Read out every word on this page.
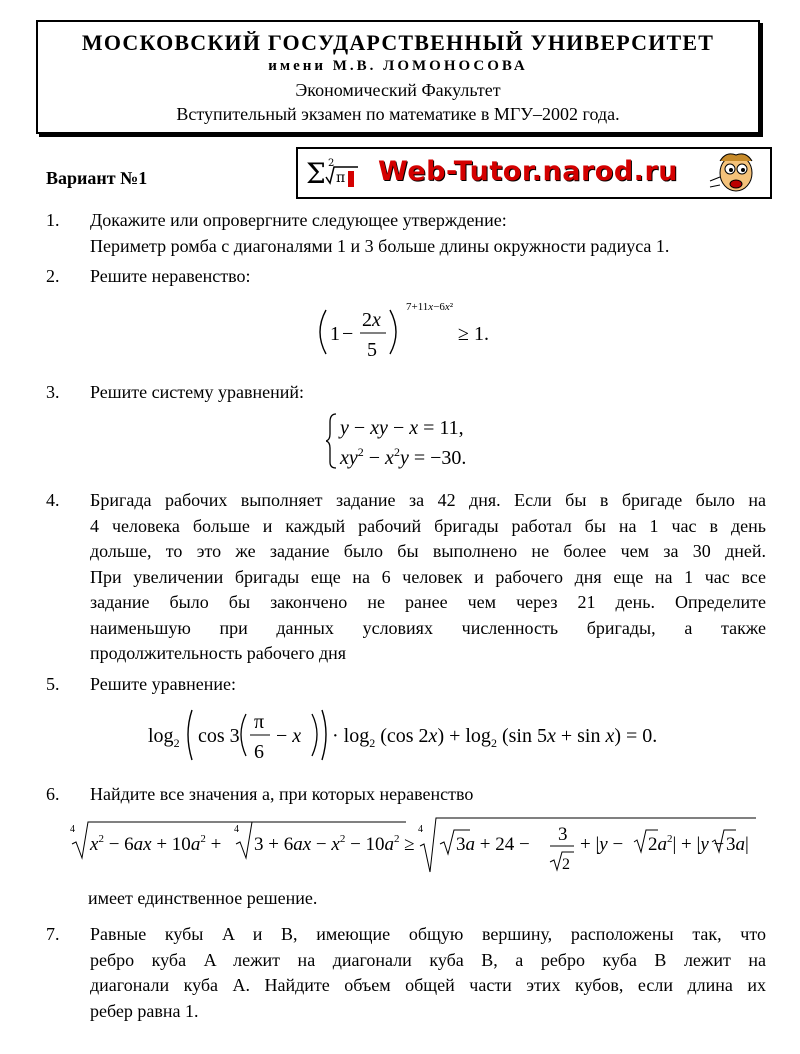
МОСКОВСКИЙ ГОСУДАРСТВЕННЫЙ УНИВЕРСИТЕТ
имени М.В. ЛОМОНОСОВА
Экономический Факультет
Вступительный экзамен по математике в МГУ–2002 года.
Вариант №1	Σ 2
π Web-Tutor.narod.ru
1.	Докажите или опровергните следующее утверждение:
Периметр ромба с диагоналями 1 и 3 больше длины окружности радиуса 1.
2.	Решите неравенство:
1 −
2x
5
7+11x−6x²
≥ 1.
3.	Решите систему уравнений:
y − xy − x = 11,
$xy^2 - x^2y = -30$.
4.	Бригада рабочих выполняет задание за 42 дня. Если бы в бригаде было на
4 человека больше и каждый рабочий бригады работал бы на 1 час в день
дольше, то это же задание было бы выполнено не более чем за 30 дней.
При увеличении бригады еще на 6 человек и рабочего дня еще на 1 час все
задание было бы закончено не ранее чем через 21 день. Определите
наименьшую при данных условиях численность бригады, а также
продолжительность рабочего дня
5.	Решите уравнение:
$\log_2 \cos 3$
π
6
− $x \cdot \log_2 (\cos$ $2x) + \log_2 (\sin$ 5x + sin x) = 0.
6.	Найдите все значения a, при которых неравенство
4
$x^2 - 6ax + 10a^2$ +
4
$3 + 6ax - x^2 - 10a^2$ ≥
4
3a + 24 − 3
2
+ $|y - 2a^2| + |y - 3a|$
имеет единственное решение.
7.	Равные кубы A и B, имеющие общую вершину, расположены так, что
ребро куба A лежит на диагонали куба B, а ребро куба B лежит на
диагонали куба A. Найдите объем общей части этих кубов, если длина их
ребер равна 1.
